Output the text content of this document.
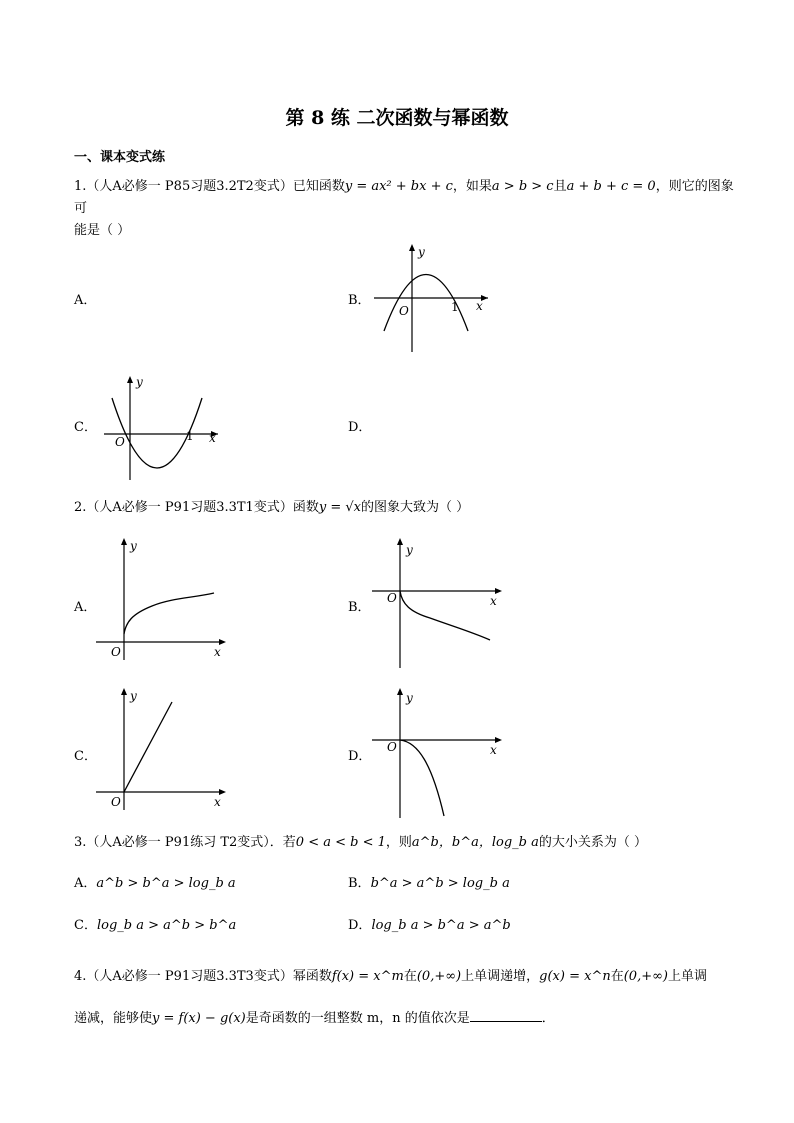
第 8 练 二次函数与幂函数
一、课本变式练
1.（人A必修一 P85习题3.2T2变式）已知函数y = ax² + bx + c，如果a > b > c且a + b + c = 0，则它的图象可
能是（ ）
A．	B．
C．	D．
y
x
O	1
y
x
O	1
2.（人A必修一 P91习题3.3T1变式）函数y = √x的图象大致为（ ）
A．	B．
C．	D．
y
x
O
y
x
O
y
x
O
y
x
O
3.（人A必修一 P91练习 T2变式）．若0 < a < b < 1，则a^b，b^a，log_b a的大小关系为（ ）
A．a^b > b^a > log_b a	B．b^a > a^b > log_b a
C．log_b a > a^b > b^a	D．log_b a > b^a > a^b
4.（人A必修一 P91习题3.3T3变式）幂函数f(x) = x^m在(0,+∞)上单调递增，g(x) = x^n在(0,+∞)上单调
递减，能够使y = f(x) − g(x)是奇函数的一组整数 m，n 的值依次是	．
